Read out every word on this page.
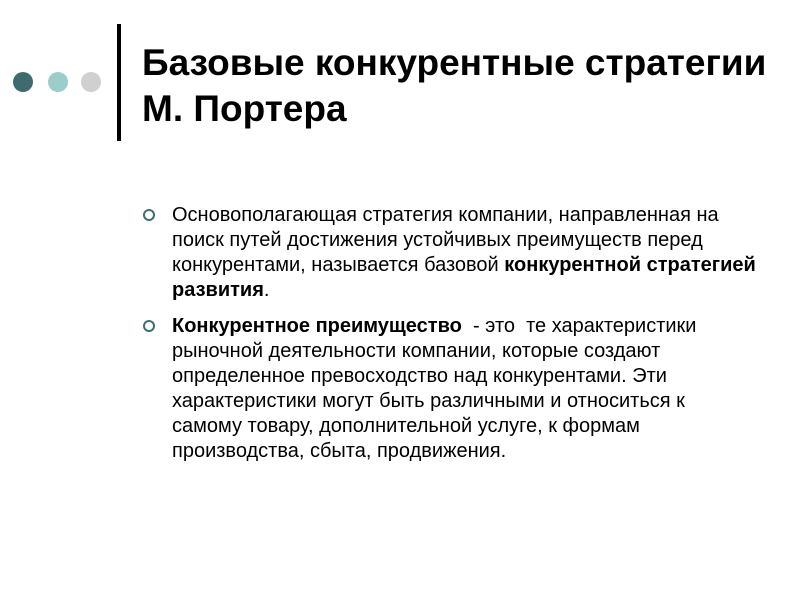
Базовые конкурентные стратегии М. Портера
Основополагающая стратегия компании, направленная на поиск путей достижения устойчивых преимуществ перед конкурентами, называется базовой конкурентной стратегией развития.
Конкурентное преимущество  - это  те характеристики рыночной деятельности компании, которые создают определенное превосходство над конкурентами. Эти характеристики могут быть различными и относиться к самому товару, дополнительной услуге, к формам производства, сбыта, продвижения.
